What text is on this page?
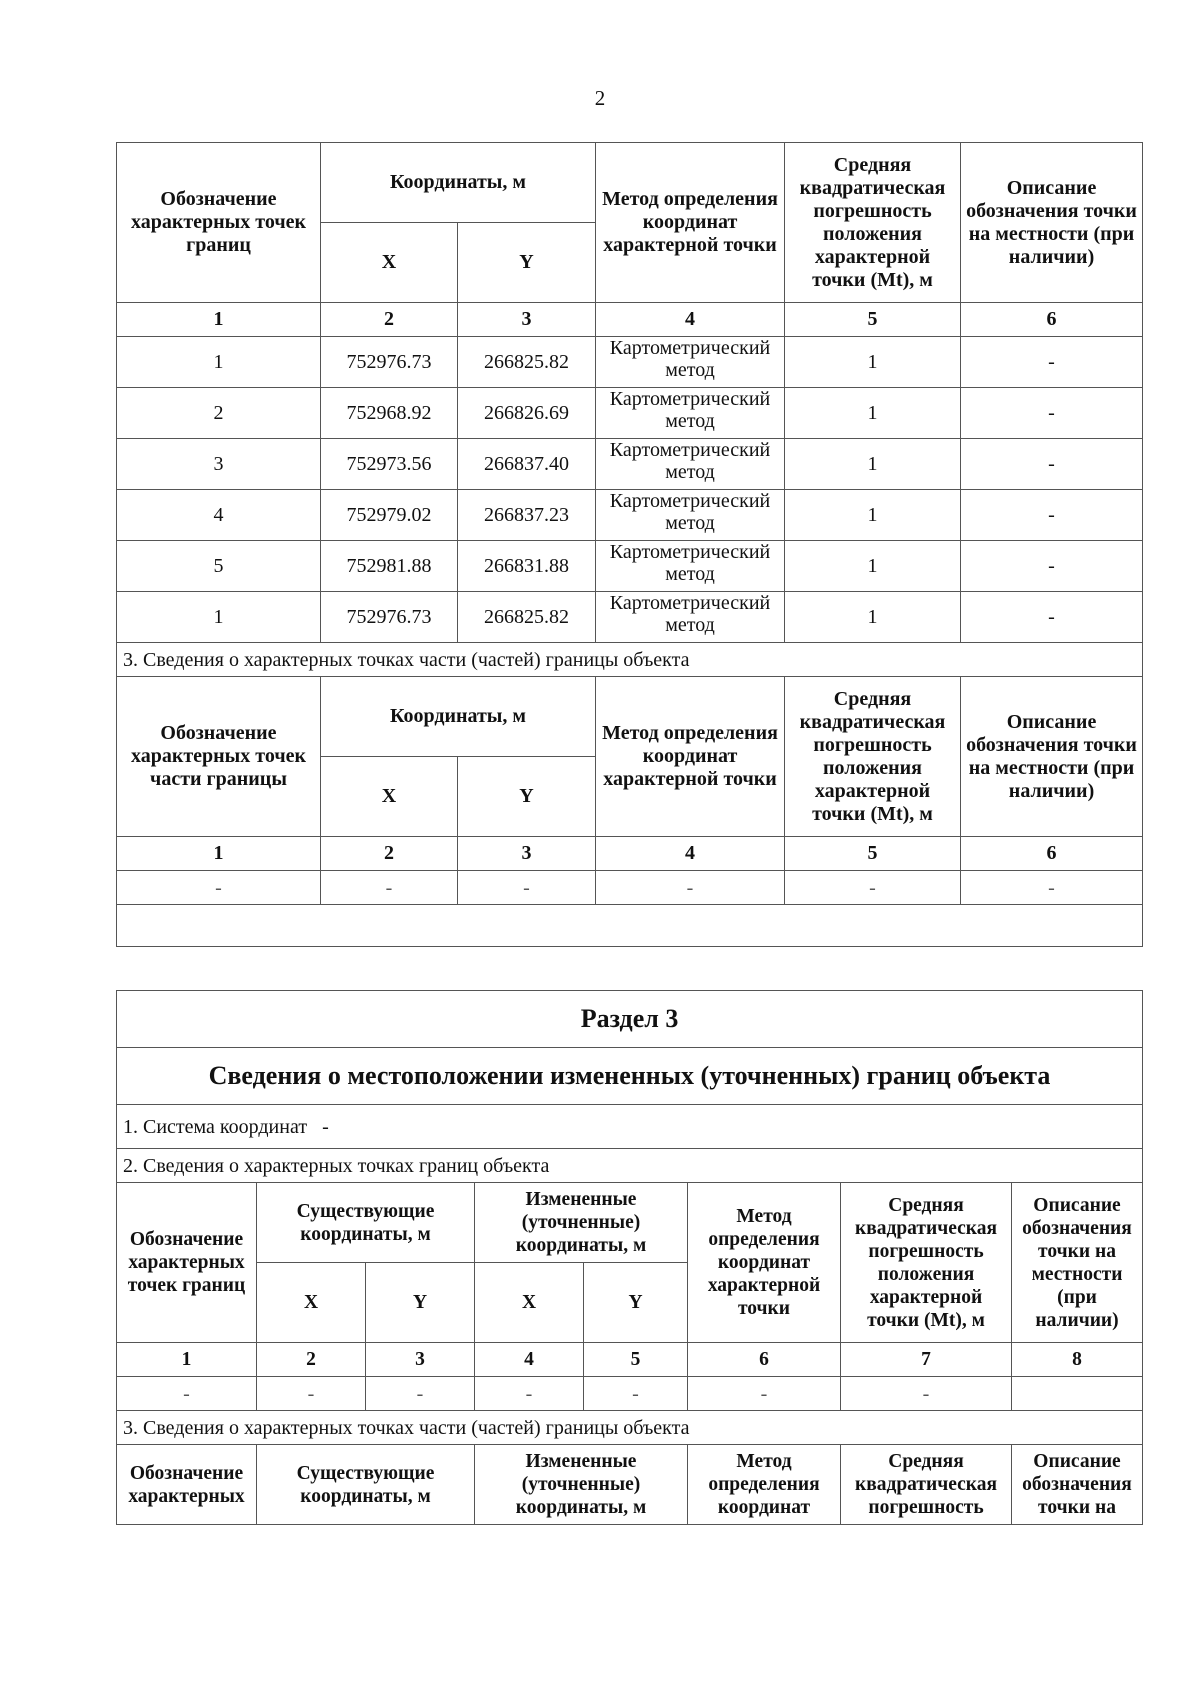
2
Обозначение характерных точек границ	Координаты, м		Метод определения координат характерной точки	Средняя квадратическая погрешность положения характерной точки (Mt), м	Описание обозначения точки на местности (при наличии)
	X	Y			
1	2	3	4	5	6
1	752976.73	266825.82	Картометрический метод	1	-
2	752968.92	266826.69	Картометрический метод	1	-
3	752973.56	266837.40	Картометрический метод	1	-
4	752979.02	266837.23	Картометрический метод	1	-
5	752981.88	266831.88	Картометрический метод	1	-
1	752976.73	266825.82	Картометрический метод	1	-
3. Сведения о характерных точках части (частей) границы объекта					
Обозначение характерных точек части границы	Координаты, м		Метод определения координат характерной точки	Средняя квадратическая погрешность положения характерной точки (Mt), м	Описание обозначения точки на местности (при наличии)
	X	Y			
1	2	3	4	5	6
-	-	-	-	-	-

Раздел 3							
Сведения о местоположении измененных (уточненных) границ объекта							
1. Система координат -							
2. Сведения о характерных точках границ объекта							
Обозначение характерных точек границ	Существующие координаты, м		Измененные (уточненные) координаты, м		Метод определения координат характерной точки	Средняя квадратическая погрешность положения характерной точки (Mt), м	Описание обозначения точки на местности (при наличии)
	X	Y	X	Y			
1	2	3	4	5	6	7	8
-	-	-	-	-	-	-	
3. Сведения о характерных точках части (частей) границы объекта							
Обозначение характерных	Существующие координаты, м		Измененные (уточненные) координаты, м		Метод определения координат	Средняя квадратическая погрешность	Описание обозначения точки на
